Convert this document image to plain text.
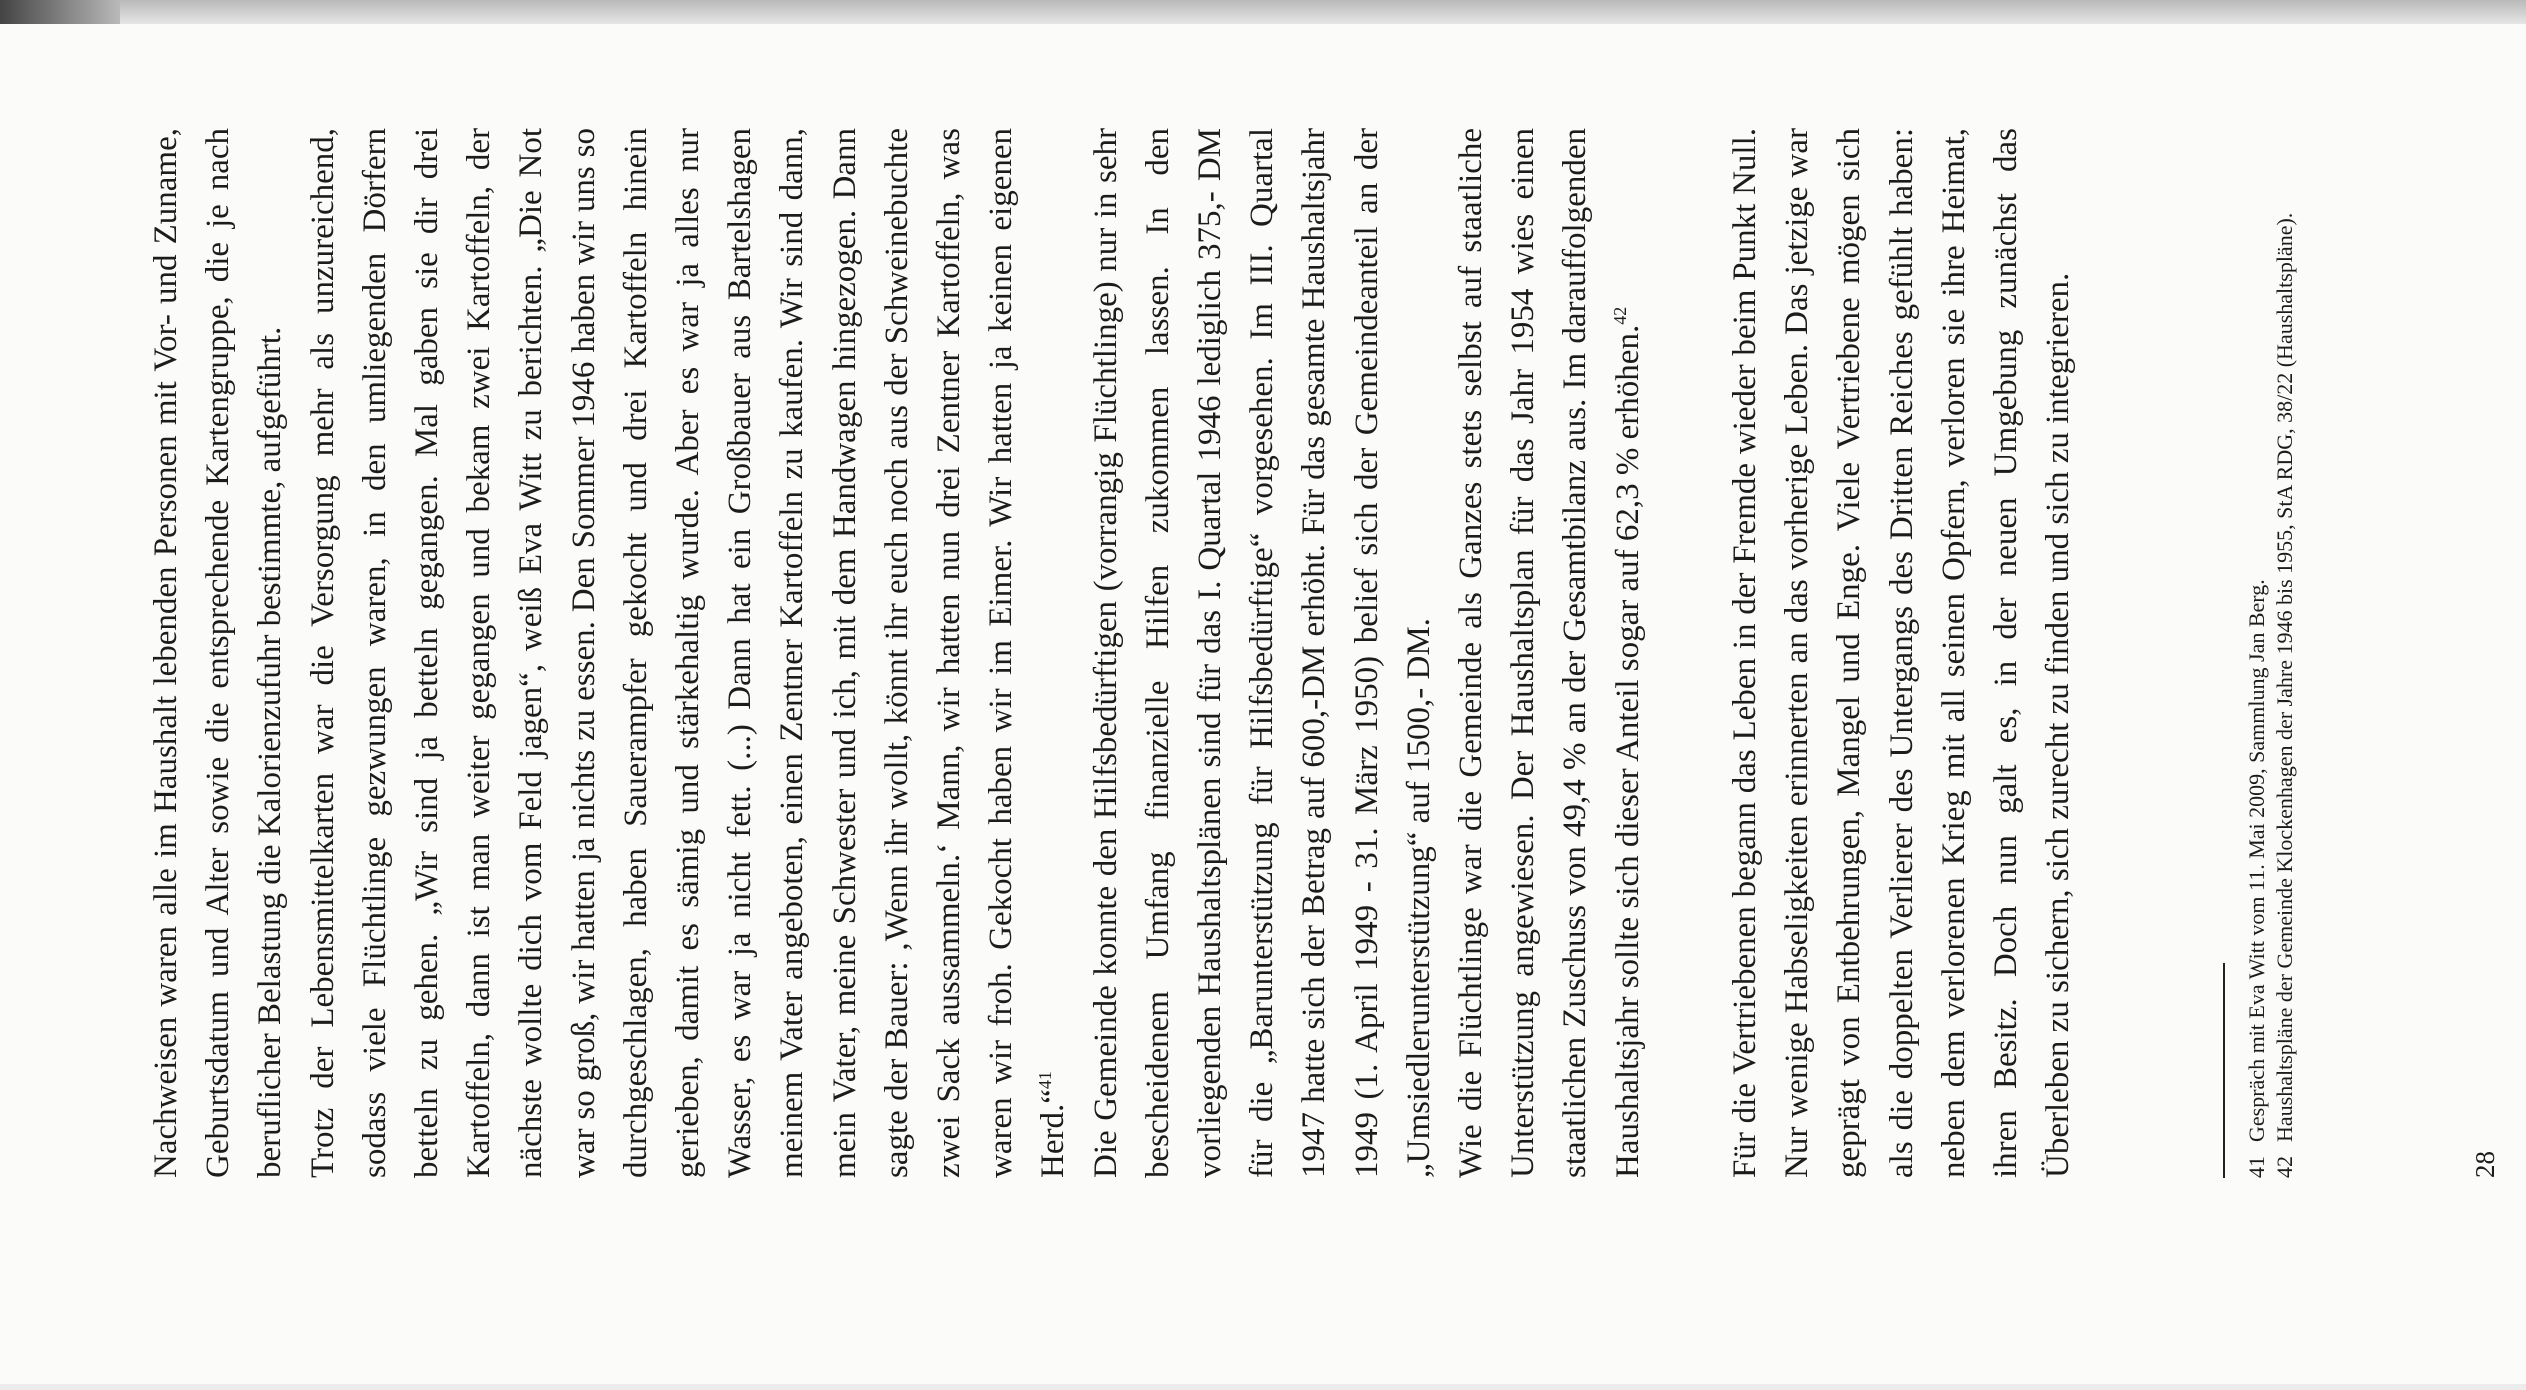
Nachweisen waren alle im Haushalt lebenden Personen mit Vor- und Zuname, Geburtsdatum und Alter sowie die entsprechende Kartengruppe, die je nach beruflicher Belastung die Kalorienzufuhr bestimmte, aufgeführt. Trotz der Lebensmittelkarten war die Versorgung mehr als unzureichend, sodass viele Flüchtlinge gezwungen waren, in den umliegenden Dörfern betteln zu gehen. „Wir sind ja betteln gegangen. Mal gaben sie dir drei Kartoffeln, dann ist man weiter gegangen und bekam zwei Kartoffeln, der nächste wollte dich vom Feld jagen“, weiß Eva Witt zu berichten. „Die Not war so groß, wir hatten ja nichts zu essen. Den Sommer 1946 haben wir uns so durchgeschlagen, haben Sauerampfer gekocht und drei Kartoffeln hinein gerieben, damit es sämig und stärkehaltig wurde. Aber es war ja alles nur Wasser, es war ja nicht fett. (...) Dann hat ein Großbauer aus Bartelshagen meinem Vater angeboten, einen Zentner Kartoffeln zu kaufen. Wir sind dann, mein Vater, meine Schwester und ich, mit dem Handwagen hingezogen. Dann sagte der Bauer: ‚Wenn ihr wollt, könnt ihr euch noch aus der Schweinebuchte zwei Sack aussammeln.‘ Mann, wir hatten nun drei Zentner Kartoffeln, was waren wir froh. Gekocht haben wir im Eimer. Wir hatten ja keinen eigenen Herd.“$^{41}$ Die Gemeinde konnte den Hilfsbedürftigen (vorrangig Flüchtlinge) nur in sehr bescheidenem Umfang finanzielle Hilfen zukommen lassen. In den vorliegenden Haushaltsplänen sind für das I. Quartal 1946 lediglich 375,- DM für die „Barunterstützung für Hilfsbedürftige“ vorgesehen. Im III. Quartal 1947 hatte sich der Betrag auf 600,-DM erhöht. Für das gesamte Haushaltsjahr 1949 (1. April 1949 - 31. März 1950) belief sich der Gemeindeanteil an der „Umsiedlerunterstützung“ auf 1500,- DM. Wie die Flüchtlinge war die Gemeinde als Ganzes stets selbst auf staatliche Unterstützung angewiesen. Der Haushaltsplan für das Jahr 1954 wies einen staatlichen Zuschuss von 49,4 % an der Gesamtbilanz aus. Im darauffolgenden Haushaltsjahr sollte sich dieser Anteil sogar auf 62,3 % erhöhen.$^{42}$	Für die Vertriebenen begann das Leben in der Fremde wieder beim Punkt Null. Nur wenige Habseligkeiten erinnerten an das vorherige Leben. Das jetzige war geprägt von Entbehrungen, Mangel und Enge. Viele Vertriebene mögen sich als die doppelten Verlierer des Untergangs des Dritten Reiches gefühlt haben: neben dem verlorenen Krieg mit all seinen Opfern, verloren sie ihre Heimat, ihren Besitz. Doch nun galt es, in der neuen Umgebung zunächst das Überleben zu sichern, sich zurecht zu finden und sich zu integrieren.	41
Gespräch mit Eva Witt vom 11. Mai 2009, Sammlung Jan Berg.
42
Haushaltspläne der Gemeinde Klockenhagen der Jahre 1946 bis 1955, StA RDG, 38/22 (Haushaltspläne).
28
